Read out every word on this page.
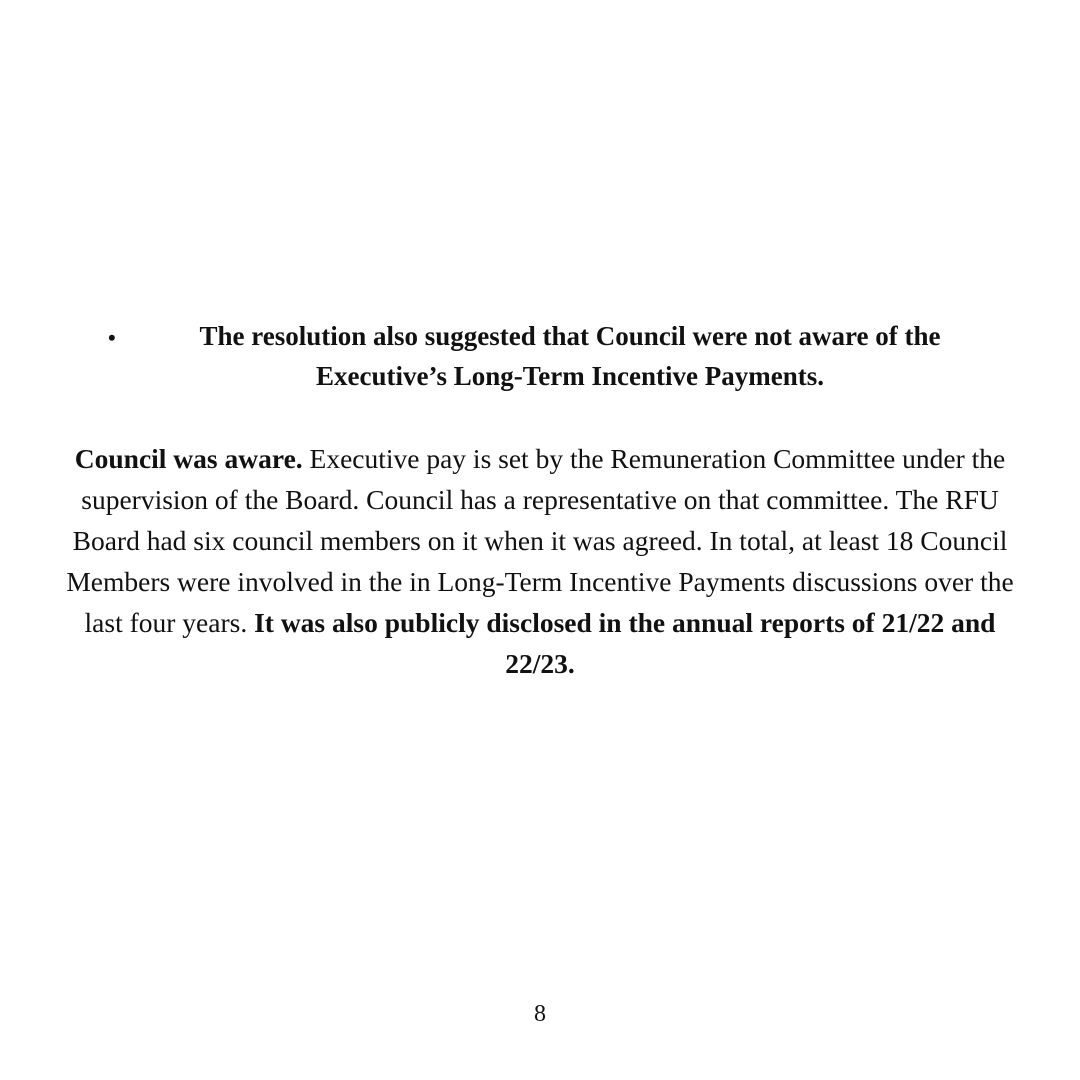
•	The resolution also suggested that Council were not aware of the Executive’s Long-Term Incentive Payments.

Council was aware. Executive pay is set by the Remuneration Committee under the supervision of the Board. Council has a representative on that committee. The RFU Board had six council members on it when it was agreed. In total, at least 18 Council Members were involved in the in Long-Term Incentive Payments discussions over the last four years. It was also publicly disclosed in the annual reports of 21/22 and 22/23.

8
